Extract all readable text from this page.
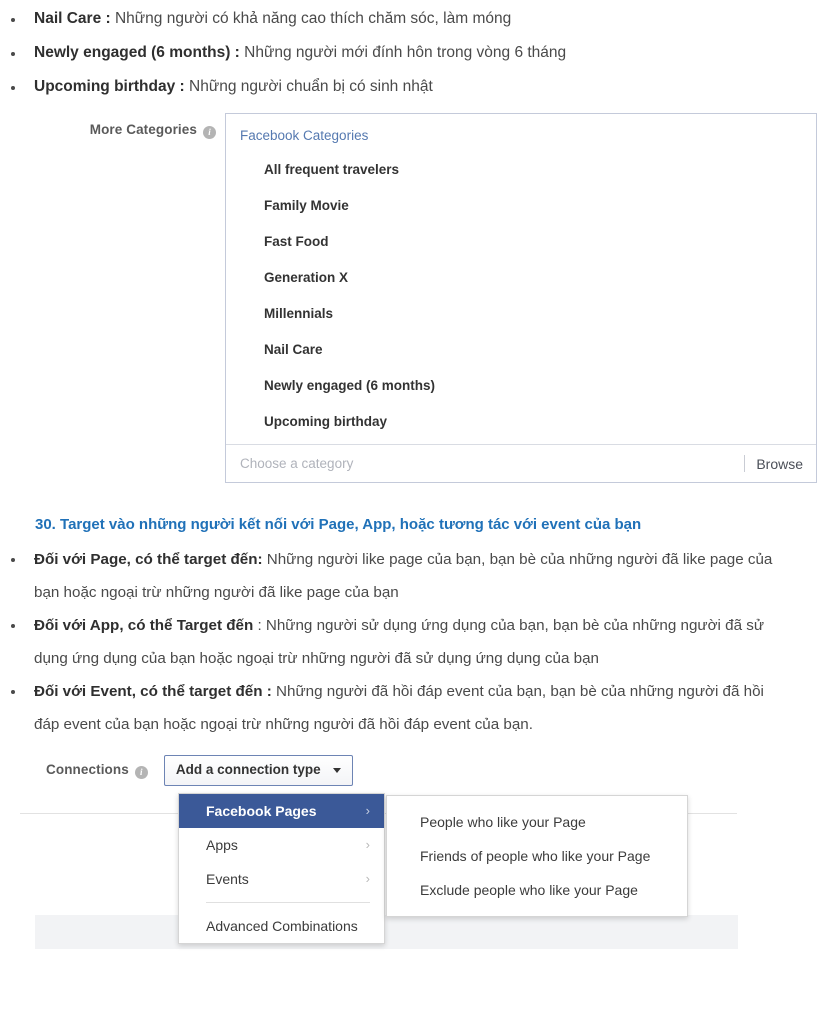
Nail Care : Những người có khả năng cao thích chăm sóc, làm móng
Newly engaged (6 months) : Những người mới đính hôn trong vòng 6 tháng
Upcoming birthday : Những người chuẩn bị có sinh nhật
More Categories i	Facebook Categories
All frequent travelers
Family Movie
Fast Food
Generation X
Millennials
Nail Care
Newly engaged (6 months)
Upcoming birthday
Choose a category	Browse
30. Target vào những người kết nối với Page, App, hoặc tương tác với event của bạn
Đối với Page, có thể target đến: Những người like page của bạn, bạn bè của những người đã like page của bạn hoặc ngoại trừ những người đã like page của bạn
Đối với App, có thể Target đến : Những người sử dụng ứng dụng của bạn, bạn bè của những người đã sử dụng ứng dụng của bạn hoặc ngoại trừ những người đã sử dụng ứng dụng của bạn
Đối với Event, có thể target đến : Những người đã hồi đáp event của bạn, bạn bè của những người đã hồi đáp event của bạn hoặc ngoại trừ những người đã hồi đáp event của bạn.
Connections i	Add a connection type
Facebook Pages	›
Apps	›
Events	›
Advanced Combinations
People who like your Page
Friends of people who like your Page
Exclude people who like your Page
